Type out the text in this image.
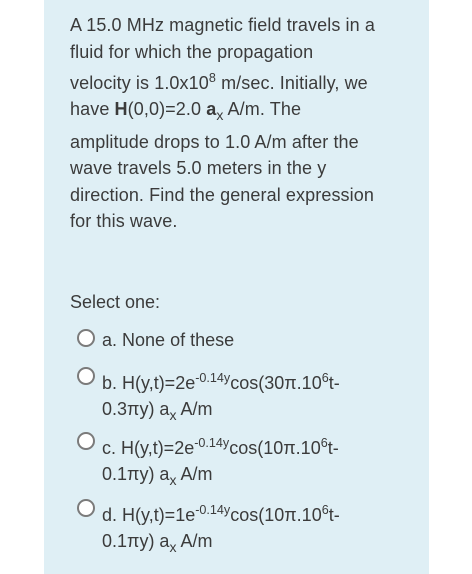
A 15.0 MHz magnetic field travels in a
fluid for which the propagation
velocity is $1.0x10^8$ m/sec. Initially, we
have H(0,0)=2.0 $a_x$ A/m. The
amplitude drops to 1.0 A/m after the
wave travels 5.0 meters in the y
direction. Find the general expression
for this wave.
Select one:
a. None of these
b. $H(y,t)=2e^{-0.14y}\cos(30\pi.10^6t-$
0.3πy) $a_x$ A/m
c. $H(y,t)=2e^{-0.14y}\cos(10\pi.10^6t-$
0.1πy) $a_x$ A/m
d. $H(y,t)=1e^{-0.14y}\cos(10\pi.10^6t-$
0.1πy) $a_x$ A/m
